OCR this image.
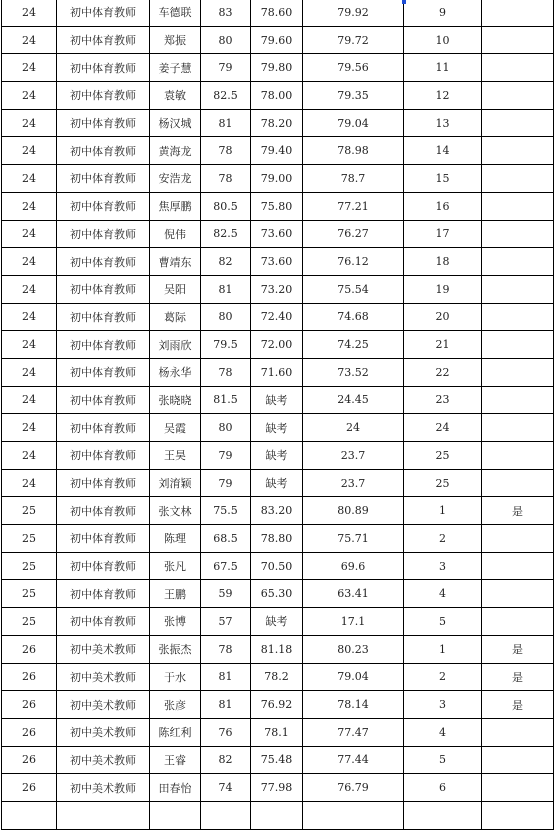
24	初中体育教师	车德联	83	78.60	79.92	9	
24	初中体育教师	郑振	80	79.60	79.72	10	
24	初中体育教师	姜子慧	79	79.80	79.56	11	
24	初中体育教师	袁敏	82.5	78.00	79.35	12	
24	初中体育教师	杨汉城	81	78.20	79.04	13	
24	初中体育教师	黄海龙	78	79.40	78.98	14	
24	初中体育教师	安浩龙	78	79.00	78.7	15	
24	初中体育教师	焦厚鹏	80.5	75.80	77.21	16	
24	初中体育教师	倪伟	82.5	73.60	76.27	17	
24	初中体育教师	曹靖东	82	73.60	76.12	18	
24	初中体育教师	吴阳	81	73.20	75.54	19	
24	初中体育教师	葛际	80	72.40	74.68	20	
24	初中体育教师	刘雨欣	79.5	72.00	74.25	21	
24	初中体育教师	杨永华	78	71.60	73.52	22	
24	初中体育教师	张晓晓	81.5	缺考	24.45	23	
24	初中体育教师	吴霞	80	缺考	24	24	
24	初中体育教师	王昊	79	缺考	23.7	25	
24	初中体育教师	刘淯颖	79	缺考	23.7	25	
25	初中体育教师	张文林	75.5	83.20	80.89	1	是
25	初中体育教师	陈理	68.5	78.80	75.71	2	
25	初中体育教师	张凡	67.5	70.50	69.6	3	
25	初中体育教师	王鹏	59	65.30	63.41	4	
25	初中体育教师	张博	57	缺考	17.1	5	
26	初中美术教师	张振杰	78	81.18	80.23	1	是
26	初中美术教师	于水	81	78.2	79.04	2	是
26	初中美术教师	张彦	81	76.92	78.14	3	是
26	初中美术教师	陈红利	76	78.1	77.47	4	
26	初中美术教师	王睿	82	75.48	77.44	5	
26	初中美术教师	田春怡	74	77.98	76.79	6	
